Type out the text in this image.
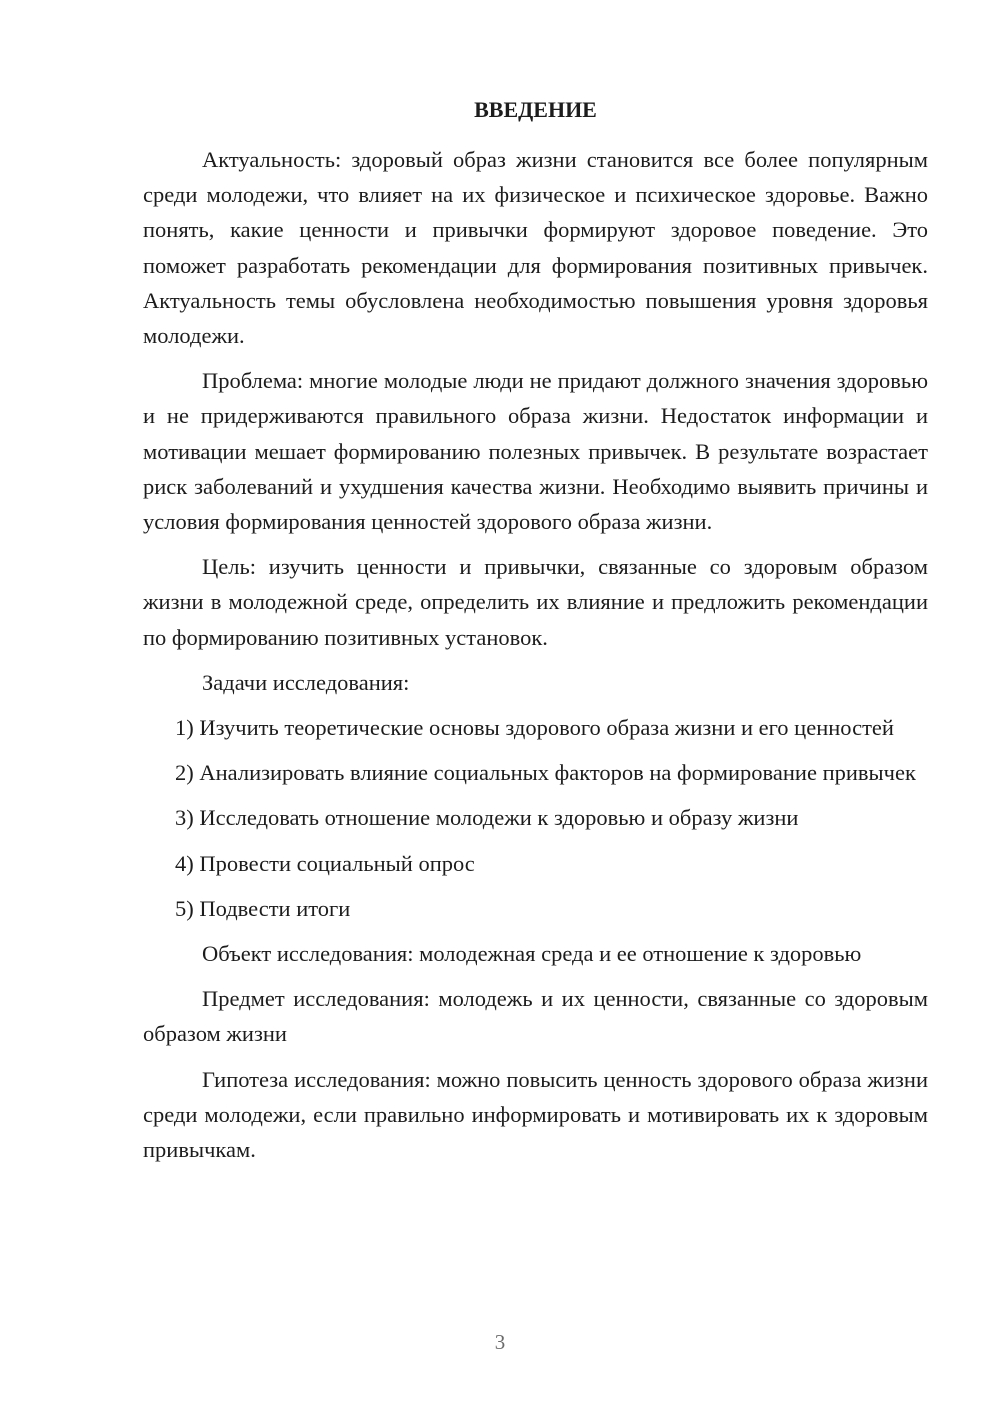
ВВЕДЕНИЕ

Актуальность: здоровый образ жизни становится все более популярным среди молодежи, что влияет на их физическое и психическое здоровье. Важно понять, какие ценности и привычки формируют здоровое поведение. Это поможет разработать рекомендации для формирования позитивных привычек. Актуальность темы обусловлена необходимостью повышения уровня здоровья молодежи.

Проблема: многие молодые люди не придают должного значения здоровью и не придерживаются правильного образа жизни. Недостаток информации и мотивации мешает формированию полезных привычек. В результате возрастает риск заболеваний и ухудшения качества жизни. Необходимо выявить причины и условия формирования ценностей здорового образа жизни.

Цель: изучить ценности и привычки, связанные со здоровым образом жизни в молодежной среде, определить их влияние и предложить рекомендации по формированию позитивных установок.

Задачи исследования:

1) Изучить теоретические основы здорового образа жизни и его ценностей

2) Анализировать влияние социальных факторов на формирование привычек

3) Исследовать отношение молодежи к здоровью и образу жизни

4) Провести социальный опрос

5) Подвести итоги

Объект исследования: молодежная среда и ее отношение к здоровью

Предмет исследования: молодежь и их ценности, связанные со здоровым образом жизни

Гипотеза исследования: можно повысить ценность здорового образа жизни среди молодежи, если правильно информировать и мотивировать их к здоровым привычкам.

3
